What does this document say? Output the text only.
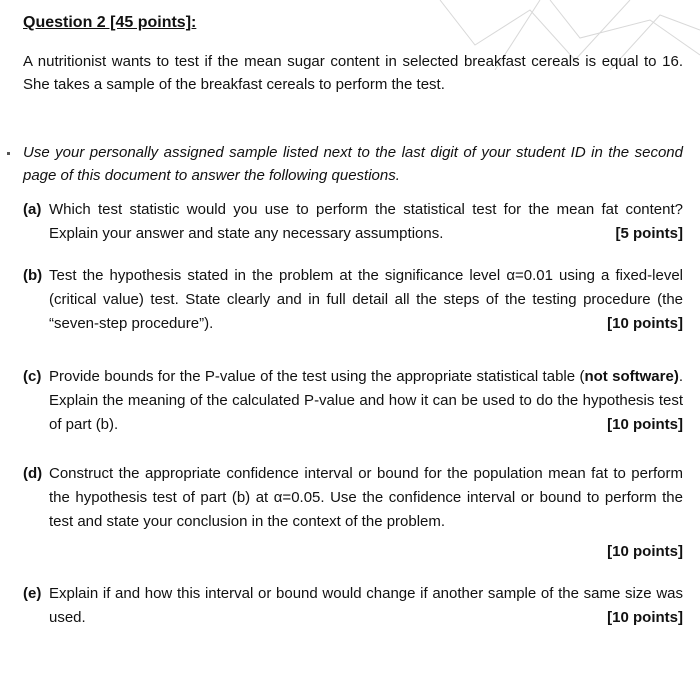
Question 2 [45 points]:
A nutritionist wants to test if the mean sugar content in selected breakfast cereals is equal to 16. She takes a sample of the breakfast cereals to perform the test.
Use your personally assigned sample listed next to the last digit of your student ID in the second page of this document to answer the following questions.
(a) Which test statistic would you use to perform the statistical test for the mean fat content? Explain your answer and state any necessary assumptions.	[5 points]
(b) Test the hypothesis stated in the problem at the significance level α=0.01 using a fixed-level (critical value) test. State clearly and in full detail all the steps of the testing procedure (the “seven-step procedure”).	[10 points]
(c) Provide bounds for the P-value of the test using the appropriate statistical table (not software). Explain the meaning of the calculated P-value and how it can be used to do the hypothesis test of part (b).	[10 points]
(d) Construct the appropriate confidence interval or bound for the population mean fat to perform the hypothesis test of part (b) at α=0.05. Use the confidence interval or bound to perform the test and state your conclusion in the context of the problem.
[10 points]
(e) Explain if and how this interval or bound would change if another sample of the same size was used.	[10 points]
